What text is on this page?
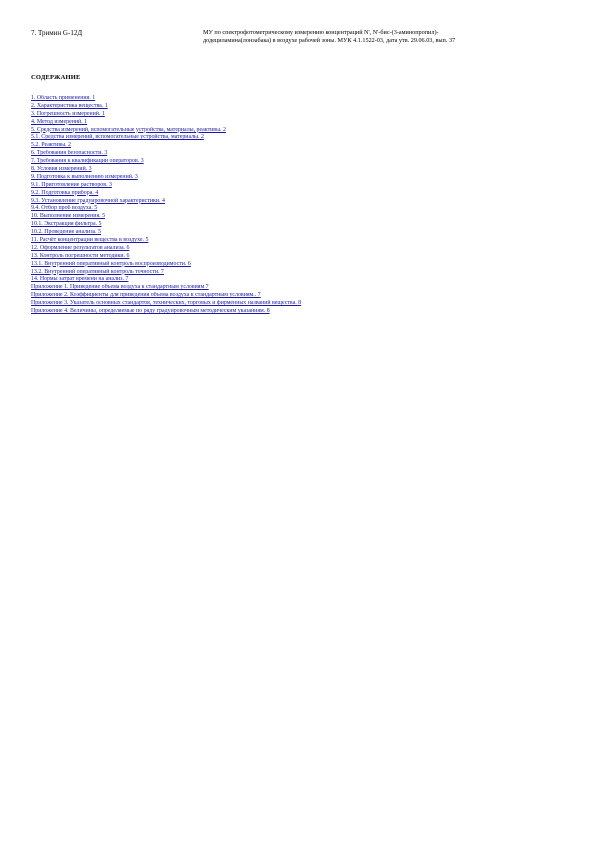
7. Тримин G-12Д	МУ по спектрофотометрическому измерению концентраций N', N'-бис-(3-аминопропил)-
додециламина(лонзабака) в воздухе рабочей зоны. МУК 4.1.1522-03, дата утв. 29.06.03, вып. 37
СОДЕРЖАНИЕ
1. Область применения. 1
2. Характеристика вещества. 1
3. Погрешность измерений. 1
4. Метод измерений. 1
5. Средства измерений, вспомогательные устройства, материалы, реактивы. 2
5.1. Средства измерений, вспомогательные устройства, материалы. 2
5.2. Реактивы. 2
6. Требования безопасности. 3
7. Требования к квалификации операторов. 3
8. Условия измерений. 3
9. Подготовка к выполнению измерений. 3
9.1. Приготовление растворов. 3
9.2. Подготовка прибора. 4
9.3. Установление градуировочной характеристики. 4
9.4. Отбор проб воздуха. 5
10. Выполнение измерения. 5
10.1. Экстракция фильтра. 5
10.2. Проведение анализа. 5
11. Расчёт концентрации вещества в воздухе. 5
12. Оформление результатов анализа. 6
13. Контроль погрешности методики. 6
13.1. Внутренний оперативный контроль воспроизводимости. 6
13.2. Внутренний оперативный контроль точности. 7
14. Нормы затрат времени на анализ. 7
Приложение 1. Приведение объема воздуха к стандартным условиям 7
Приложение 2. Коэффициенты для приведения объема воздуха к стандартным условиям.. 7
Приложение 3. Указатель основных стандартов, технических, торговых и фирменных названий вещества. 8
Приложение 4. Величины, определяемые по ряду градуировочным методическим указаниям. 8
